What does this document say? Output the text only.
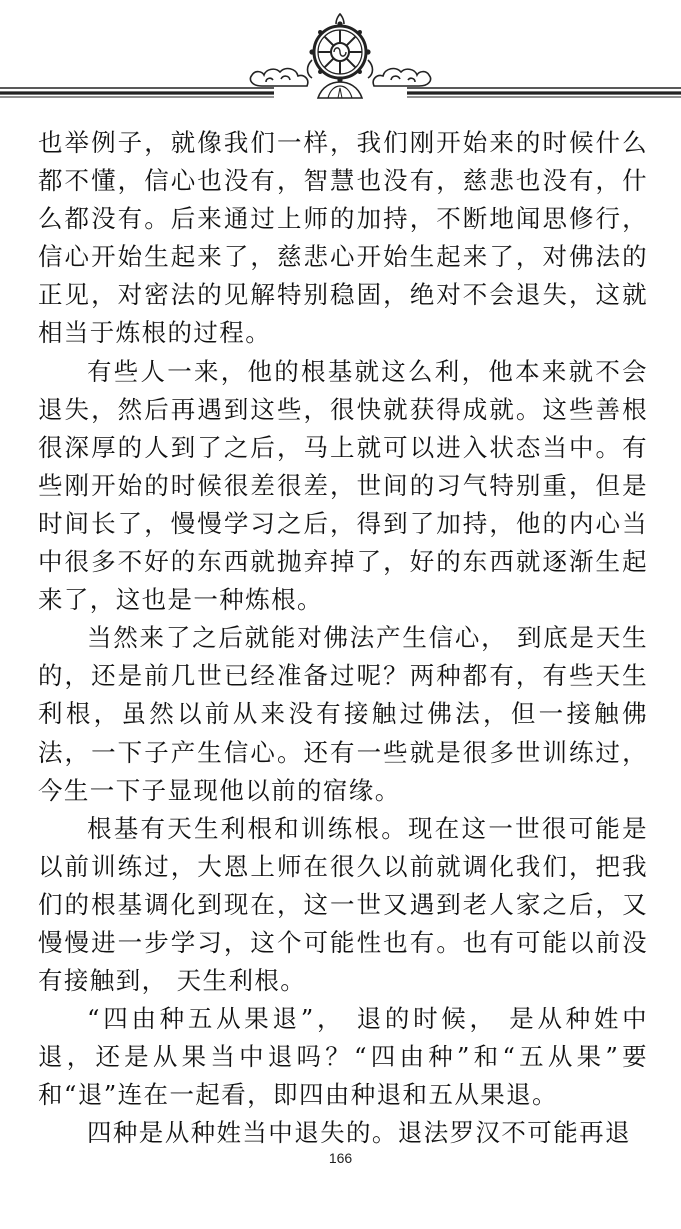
也举例子，就像我们一样，我们刚开始来的时候什么都不懂，信心也没有，智慧也没有，慈悲也没有，什么都没有。后来通过上师的加持，不断地闻思修行，信心开始生起来了，慈悲心开始生起来了，对佛法的正见，对密法的见解特别稳固，绝对不会退失，这就相当于炼根的过程。

有些人一来，他的根基就这么利，他本来就不会退失，然后再遇到这些，很快就获得成就。这些善根很深厚的人到了之后，马上就可以进入状态当中。有些刚开始的时候很差很差，世间的习气特别重，但是时间长了，慢慢学习之后，得到了加持，他的内心当中很多不好的东西就抛弃掉了，好的东西就逐渐生起来了，这也是一种炼根。

当然来了之后就能对佛法产生信心， 到底是天生的，还是前几世已经准备过呢？两种都有，有些天生利根，虽然以前从来没有接触过佛法，但一接触佛法，一下子产生信心。还有一些就是很多世训练过，今生一下子显现他以前的宿缘。

根基有天生利根和训练根。现在这一世很可能是以前训练过，大恩上师在很久以前就调化我们，把我们的根基调化到现在，这一世又遇到老人家之后，又慢慢进一步学习，这个可能性也有。也有可能以前没有接触到， 天生利根。

“四由种五从果退”， 退的时候， 是从种姓中退，还是从果当中退吗？“四由种”和“五从果”要和“退”连在一起看，即四由种退和五从果退。

四种是从种姓当中退失的。退法罗汉不可能再退

166
